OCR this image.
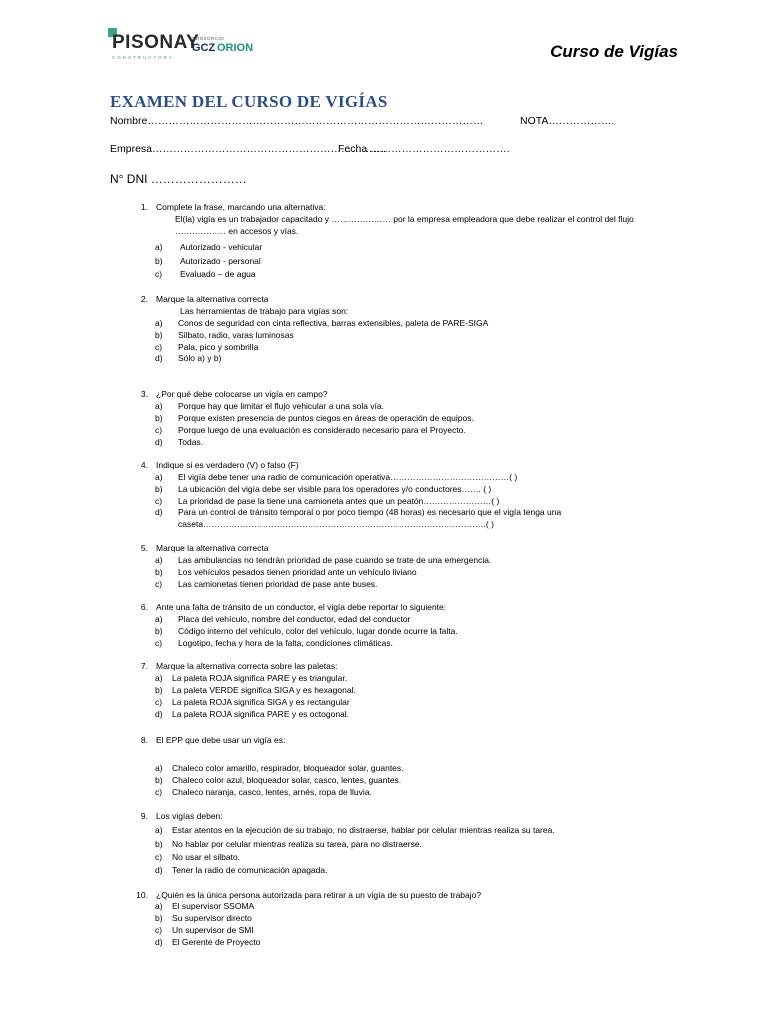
PISONAY
CONSTRUCTORA
CONSORCIO
GCZ ORION	Curso de Vigías
EXAMEN DEL CURSO DE VIGÍAS
Nombre……………………………………………………………………………………	NOTA……………….
Empresa………………………………………………………….
Fecha ………………………………….
N° DNI ……………………
1. Complete la frase, marcando una alternativa:
El(la) vigía es un trabajador capacitado y ………………… por la empresa empleadora que debe realizar el control del flujo
……………… en accesos y vías.
a) Autorizado - vehicular
b) Autorizado - personal
c) Evaluado – de agua
2. Marque la alternativa correcta
Las herramientas de trabajo para vigías son:
a) Conos de seguridad con cinta reflectiva, barras extensibles, paleta de PARE-SIGA
b) Silbato, radio, varas luminosas
c) Pala, pico y sombrilla
d) Sólo a) y b)
3. ¿Por qué debe colocarse un vigía en campo?
a) Porque hay que limitar el flujo vehicular a una sola vía.
b) Porque existen presencia de puntos ciegos en áreas de operación de equipos.
c) Porque luego de una evaluación es considerado necesario para el Proyecto.
d) Todas.
4. Indique si es verdadero (V) o falso (F)
a) El vigía debe tener una radio de comunicación operativa……………………………………( )
b) La ubicación del vigía debe ser visible para los operadores y/o conductores……. ( )
c) La prioridad de pase la tiene una camioneta antes que un peatón……………………( )
d) Para un control de tránsito temporal o por poco tiempo (48 horas) es necesario que el vigía tenga una
caseta……………………………………………………………………………………….( )
5. Marque la alternativa correcta
a) Las ambulancias no tendrán prioridad de pase cuando se trate de una emergencia.
b) Los vehículos pesados tienen prioridad ante un vehículo liviano
c) Las camionetas tienen prioridad de pase ante buses.
6. Ante una falta de tránsito de un conductor, el vigía debe reportar lo siguiente:
a) Placa del vehículo, nombre del conductor, edad del conductor
b) Código interno del vehículo, color del vehículo, lugar donde ocurre la falta.
c) Logotipo, fecha y hora de la falta, condiciones climáticas.
7. Marque la alternativa correcta sobre las paletas:
a) La paleta ROJA significa PARE y es triangular.
b) La paleta VERDE significa SIGA y es hexagonal.
c) La paleta ROJA significa SIGA y es rectangular
d) La paleta ROJA significa PARE y es octogonal.
8. El EPP que debe usar un vigía es:
a) Chaleco color amarillo, respirador, bloqueador solar, guantes.
b) Chaleco color azul, bloqueador solar, casco, lentes, guantes.
c) Chaleco naranja, casco, lentes, arnés, ropa de lluvia.
9. Los vigías deben:
a) Estar atentos en la ejecución de su trabajo, no distraerse, hablar por celular mientras realiza su tarea.
b) No hablar por celular mientras realiza su tarea, para no distraerse.
c) No usar el silbato.
d) Tener la radio de comunicación apagada.
10. ¿Quién es la única persona autorizada para retirar a un vigía de su puesto de trabajo?
a) El supervisor SSOMA
b) Su supervisor directo
c) Un supervisor de SMI
d) El Gerente de Proyecto
